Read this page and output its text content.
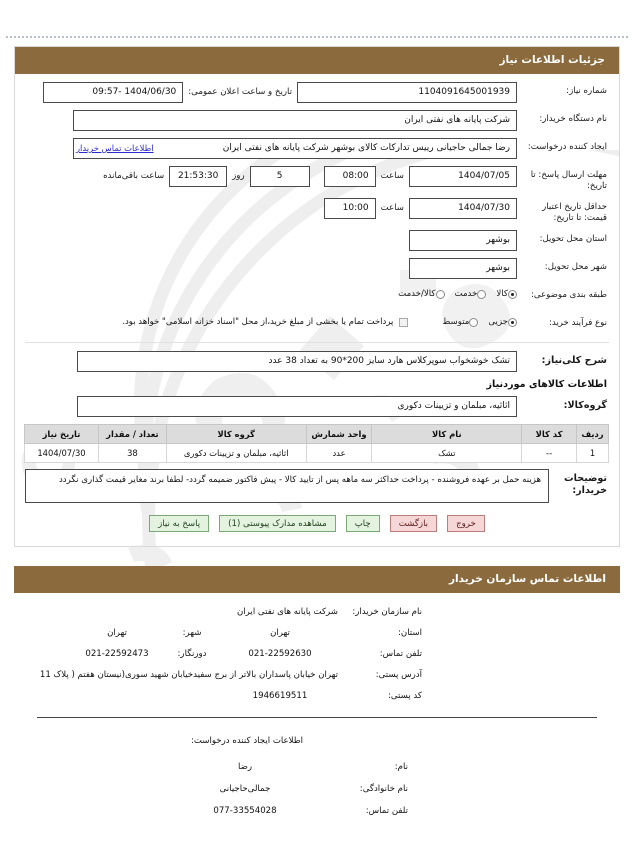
جزئیات اطلاعات نیاز
شماره نیاز:
1104091645001939
تاریخ و ساعت اعلان عمومی:
1404/06/30 -09:57
نام دستگاه خریدار:
شرکت پایانه های نفتی ایران
ایجاد کننده درخواست:
رضا جمالی حاجیانی رییس تدارکات کالای بوشهر شرکت پایانه های نفتی ایران
اطلاعات تماس خریدار
مهلت ارسال پاسخ: تا تاریخ:
1404/07/05
ساعت
08:00
5
روز
21:53:30
ساعت باقی‌مانده
حداقل تاریخ اعتبار قیمت: تا تاریخ:
1404/07/30
ساعت
10:00
استان محل تحویل:
بوشهر
شهر محل تحویل:
بوشهر
طبقه بندی موضوعی:
کالا
خدمت
کالا/خدمت
نوع فرآیند خرید:
جزیی
متوسط
پرداخت تمام یا بخشی از مبلغ خرید،از محل "اسناد خزانه اسلامی" خواهد بود.
شرح کلی‌نیاز:
تشک خوشخواب سوپرکلاس هارد سایز 200*90 به تعداد 38 عدد
اطلاعات کالاهای موردنیاز
گروه‌کالا:
اثاثیه، مبلمان و تزیینات دکوری
ردیف	کد کالا	نام کالا	واحد شمارش	گروه کالا	تعداد / مقدار	تاریخ نیاز
1	--	تشک	عدد	اثاثیه، مبلمان و تزیینات دکوری	38	1404/07/30
توضیحات خریدار:
هزینه حمل بر عهده فروشنده - پرداخت حداکثر سه ماهه پس از تایید کالا - پیش فاکتور ضمیمه گردد- لطفا برند مغایر قیمت گذاری نگردد
خروج
بازگشت
چاپ
مشاهده مدارک پیوستی (1)
پاسخ به نیاز
اطلاعات تماس سازمان خریدار
نام سازمان خریدار:
شرکت پایانه های نفتی ایران
استان:
تهران
شهر:
تهران
تلفن تماس:
021-22592630
دورنگار:
021-22592473
آدرس پستی:
تهران خیابان پاسداران بالاتر از برج سفیدخیابان شهید سوری(نیستان هفتم ( پلاک 11
کد پستی:
1946619511
اطلاعات ایجاد کننده درخواست:
نام:
رضا
نام خانوادگی:
جمالی‌حاجیانی
تلفن تماس:
077-33554028
